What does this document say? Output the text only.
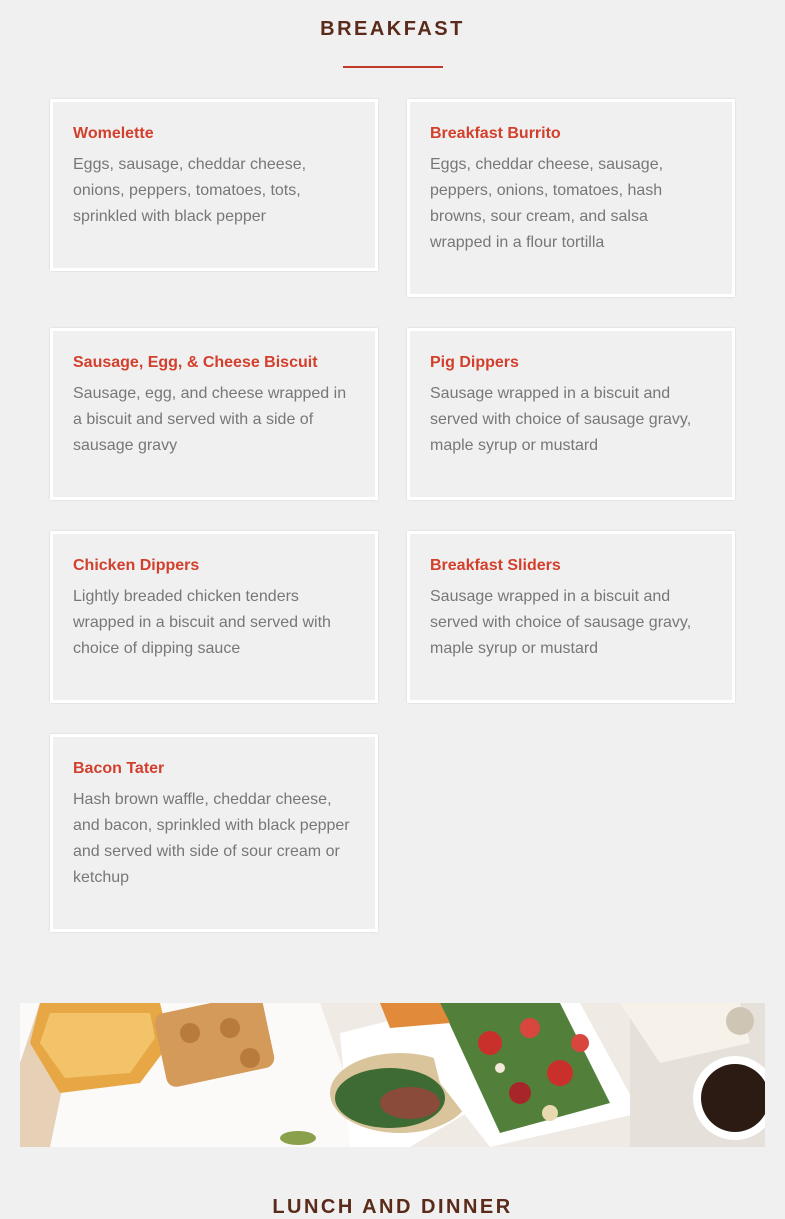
BREAKFAST
Womelette

Eggs, sausage, cheddar cheese, onions, peppers, tomatoes, tots, sprinkled with black pepper

Breakfast Burrito

Eggs, cheddar cheese, sausage, peppers, onions, tomatoes, hash browns, sour cream, and salsa wrapped in a flour tortilla

Sausage, Egg, & Cheese Biscuit

Sausage, egg, and cheese wrapped in a biscuit and served with a side of sausage gravy

Pig Dippers

Sausage wrapped in a biscuit and served with choice of sausage gravy, maple syrup or mustard

Chicken Dippers

Lightly breaded chicken tenders wrapped in a biscuit and served with choice of dipping sauce

Breakfast Sliders

Sausage wrapped in a biscuit and served with choice of sausage gravy, maple syrup or mustard

Bacon Tater

Hash brown waffle, cheddar cheese, and bacon, sprinkled with black pepper and served with side of sour cream or ketchup

LUNCH AND DINNER
